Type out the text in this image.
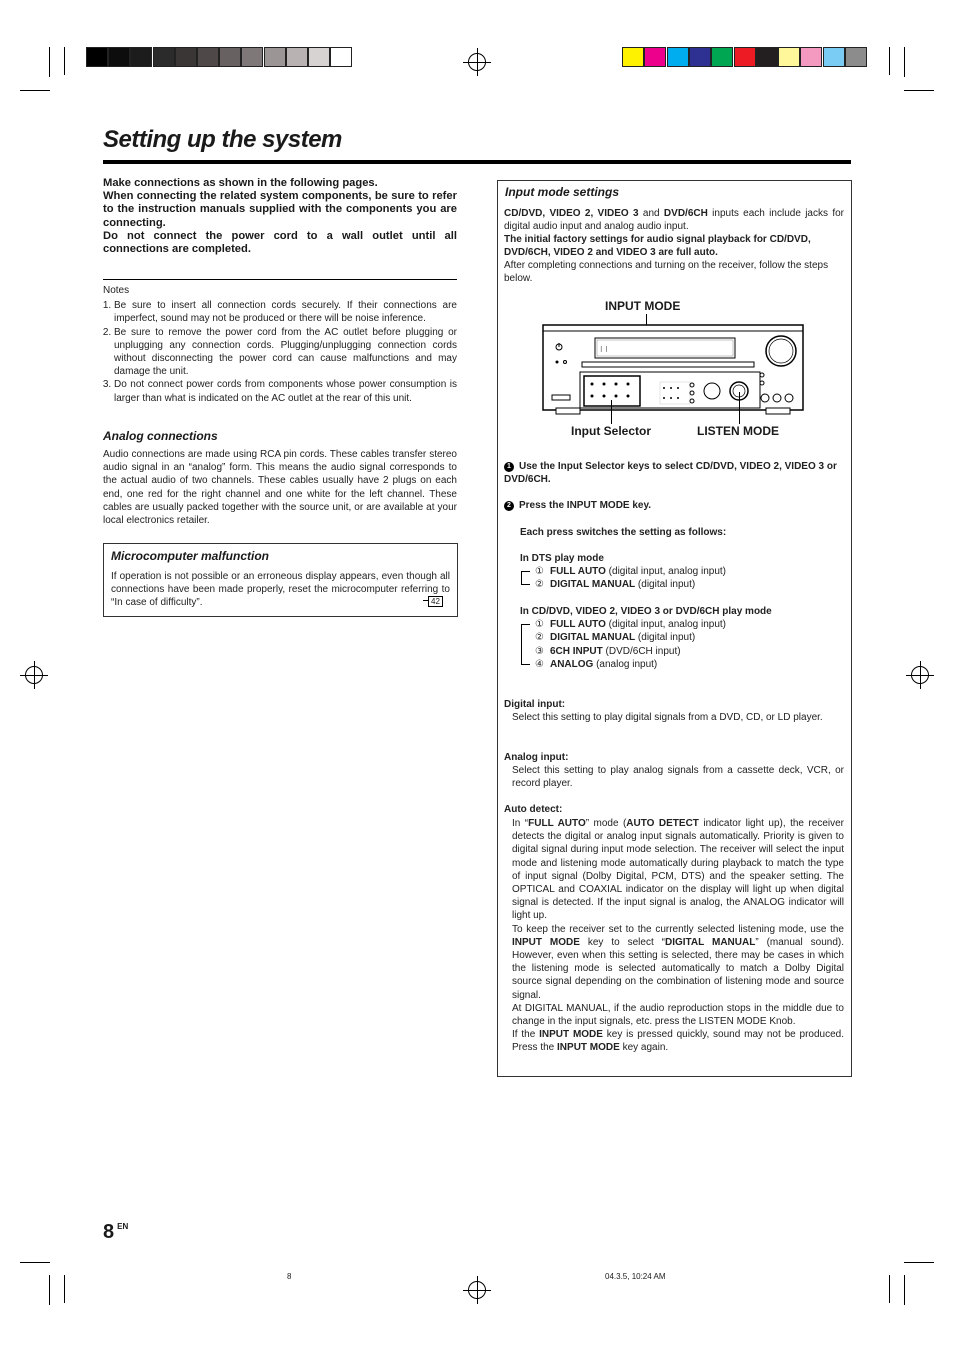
Setting up the system

Make connections as shown in the following pages.

When connecting the related system components, be sure to refer to the instruction manuals supplied with the components you are connecting.

Do not connect the power cord to a wall outlet until all connections are completed.

Notes
1. Be sure to insert all connection cords securely. If their connections are imperfect, sound may not be produced or there will be noise inference.
2. Be sure to remove the power cord from the AC outlet before plugging or unplugging any connection cords. Plugging/unplugging connection cords without disconnecting the power cord can cause malfunctions and may damage the unit.
3. Do not connect power cords from components whose power consumption is larger than what is indicated on the AC outlet at the rear of this unit.
Analog connections
Audio connections are made using RCA pin cords. These cables transfer stereo audio signal in an “analog” form. This means the audio signal corresponds to the actual audio of two channels. These cables usually have 2 plugs on each end, one red for the right channel and one white for the left channel. These cables are usually packed together with the source unit, or are available at your local electronics retailer.
Microcomputer malfunction
If operation is not possible or an erroneous display appears, even though all connections have been made properly, reset the microcomputer referring to “In case of difficulty”.	42
Input mode settings
CD/DVD, VIDEO 2, VIDEO 3 and DVD/6CH inputs each include jacks for digital audio input and analog audio input.
The initial factory settings for audio signal playback for CD/DVD, DVD/6CH, VIDEO 2 and VIDEO 3 are full auto.
After completing connections and turning on the receiver, follow the steps below.
INPUT MODE
⁝ ⁝
Input Selector	LISTEN MODE
1 Use the Input Selector keys to select CD/DVD, VIDEO 2, VIDEO 3 or DVD/6CH.
2 Press the INPUT MODE key.
Each press switches the setting as follows:
In DTS play mode
① FULL AUTO (digital input, analog input)
② DIGITAL MANUAL (digital input)
In CD/DVD, VIDEO 2, VIDEO 3 or DVD/6CH play mode
① FULL AUTO (digital input, analog input)
② DIGITAL MANUAL (digital input)
③ 6CH INPUT (DVD/6CH input)
④ ANALOG (analog input)
Digital input:
Select this setting to play digital signals from a DVD, CD, or LD player.
Analog input:
Select this setting to play analog signals from a cassette deck, VCR, or record player.
Auto detect:
In “FULL AUTO” mode (AUTO DETECT indicator light up), the receiver detects the digital or analog input signals automatically. Priority is given to digital signal during input mode selection. The receiver will select the input mode and listening mode automatically during playback to match the type of input signal (Dolby Digital, PCM, DTS) and the speaker setting. The OPTICAL and COAXIAL indicator on the display will light up when digital signal is detected. If the input signal is analog, the ANALOG indicator will light up.
To keep the receiver set to the currently selected listening mode, use the INPUT MODE key to select “DIGITAL MANUAL” (manual sound). However, even when this setting is selected, there may be cases in which the listening mode is selected automatically to match a Dolby Digital source signal depending on the combination of listening mode and source signal.
At DIGITAL MANUAL, if the audio reproduction stops in the middle due to change in the input signals, etc. press the LISTEN MODE Knob.
If the INPUT MODE key is pressed quickly, sound may not be produced. Press the INPUT MODE key again.
8 $^{EN}$
8	04.3.5, 10:24 AM
